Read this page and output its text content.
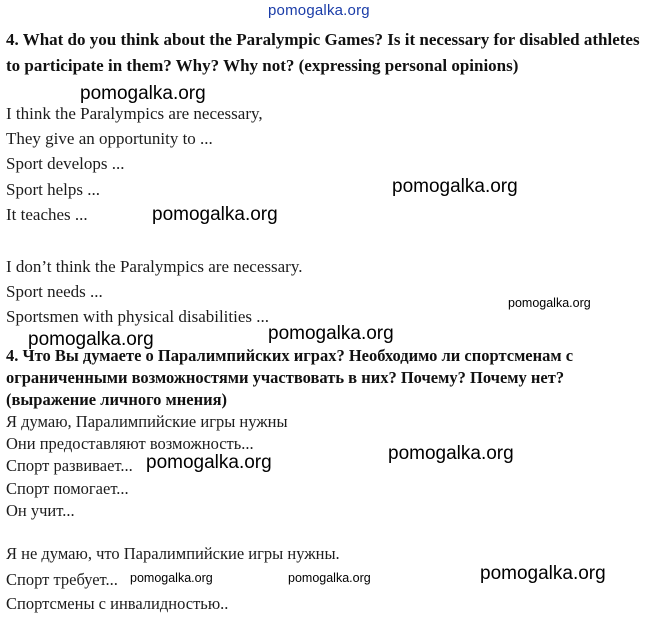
pomogalka.org
4. What do you think about the Paralympic Games? Is it necessary for disabled athletes to participate in them? Why? Why not? (expressing personal opinions)
I think the Paralympics are necessary,
They give an opportunity to ...
Sport develops ...
Sport helps ...
It teaches ...
I don’t think the Paralympics are necessary.
Sport needs ...
Sportsmen with physical disabilities ...
4. Что Вы думаете о Паралимпийских играх? Необходимо ли спортсменам с ограниченными возможностями участвовать в них? Почему? Почему нет? (выражение личного мнения)
Я думаю, Паралимпийские игры нужны
Они предоставляют возможность...
Спорт развивает...
Спорт помогает...
Он учит...
Я не думаю, что Паралимпийские игры нужны.
Спорт требует...
Спортсмены с инвалидностью..
pomogalka.org
pomogalka.org
pomogalka.org
pomogalka.org
pomogalka.org	pomogalka.org
pomogalka.org	pomogalka.org
pomogalka.org	pomogalka.org	pomogalka.org
